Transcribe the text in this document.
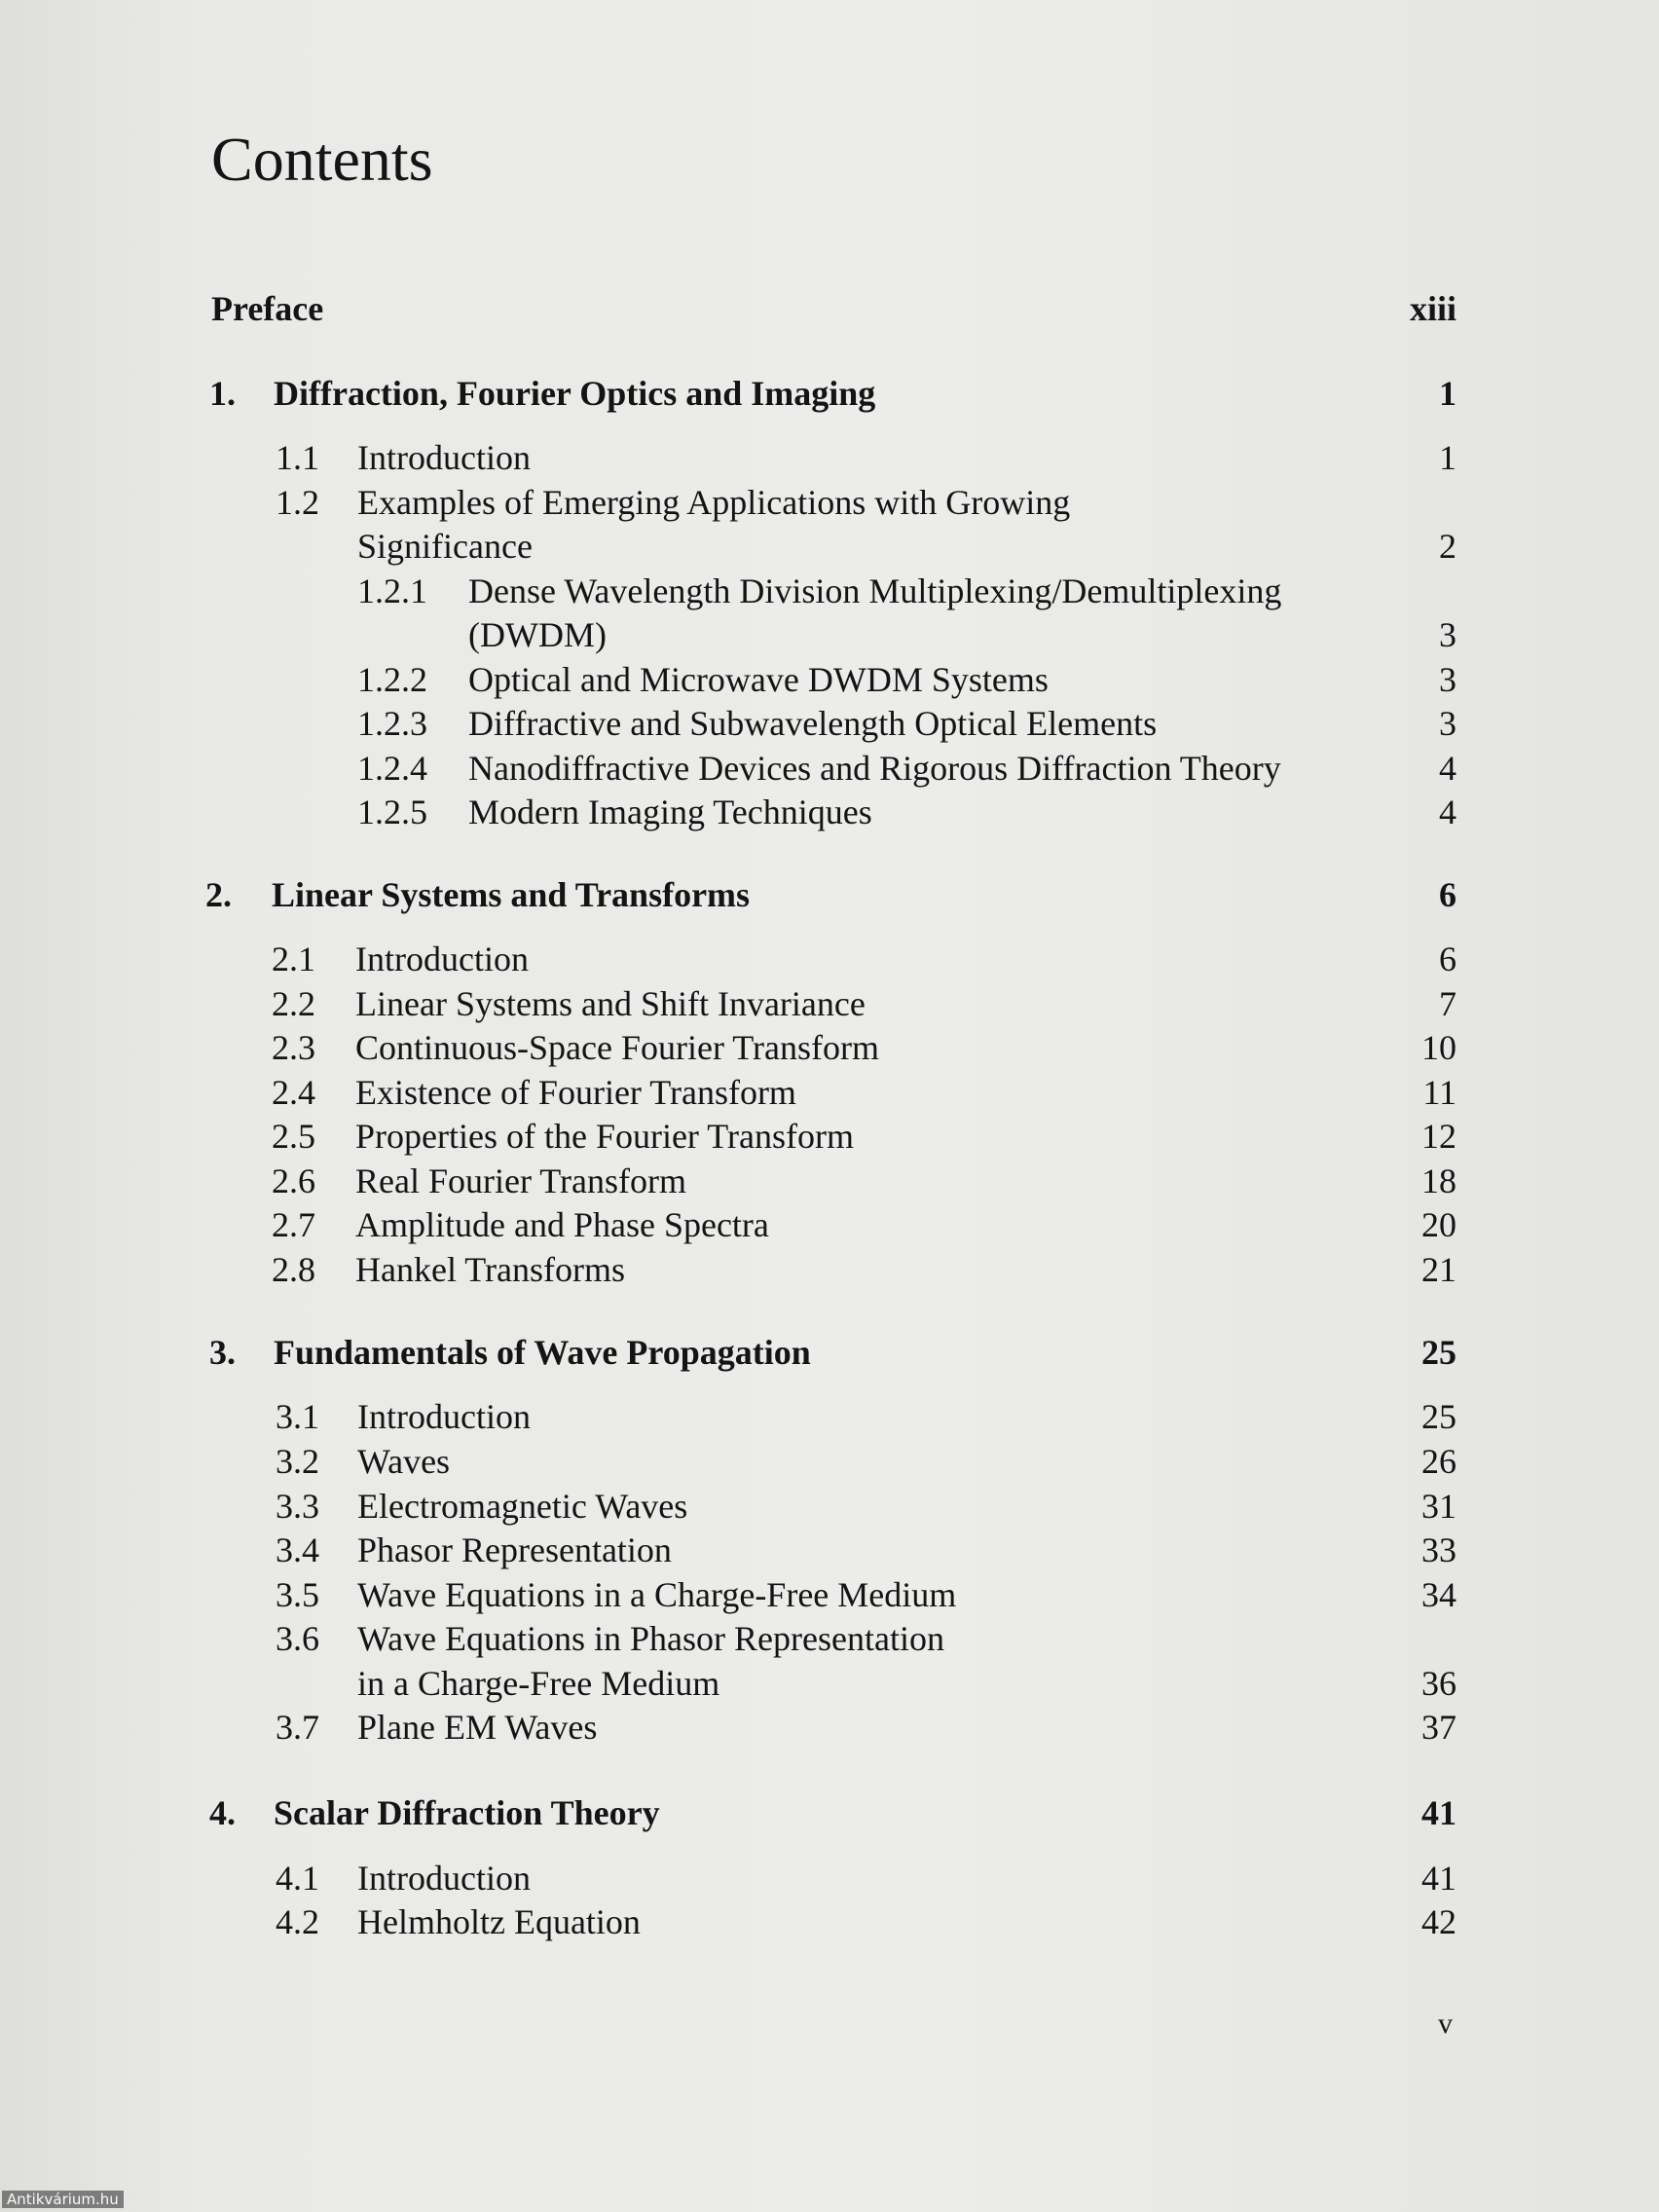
Contents
Preface	xiii
1. Diffraction, Fourier Optics and Imaging	1
1.1 Introduction	1
1.2 Examples of Emerging Applications with Growing
Significance	2
1.2.1 Dense Wavelength Division Multiplexing/Demultiplexing
(DWDM)	3
1.2.2 Optical and Microwave DWDM Systems	3
1.2.3 Diffractive and Subwavelength Optical Elements	3
1.2.4 Nanodiffractive Devices and Rigorous Diffraction Theory	4
1.2.5 Modern Imaging Techniques	4
2. Linear Systems and Transforms	6
2.1 Introduction	6
2.2 Linear Systems and Shift Invariance	7
2.3 Continuous-Space Fourier Transform	10
2.4 Existence of Fourier Transform	11
2.5 Properties of the Fourier Transform	12
2.6 Real Fourier Transform	18
2.7 Amplitude and Phase Spectra	20
2.8 Hankel Transforms	21
3. Fundamentals of Wave Propagation	25
3.1 Introduction	25
3.2 Waves	26
3.3 Electromagnetic Waves	31
3.4 Phasor Representation	33
3.5 Wave Equations in a Charge-Free Medium	34
3.6 Wave Equations in Phasor Representation
in a Charge-Free Medium	36
3.7 Plane EM Waves	37
4. Scalar Diffraction Theory	41
4.1 Introduction	41
4.2 Helmholtz Equation	42
v
Antikvárium.hu
